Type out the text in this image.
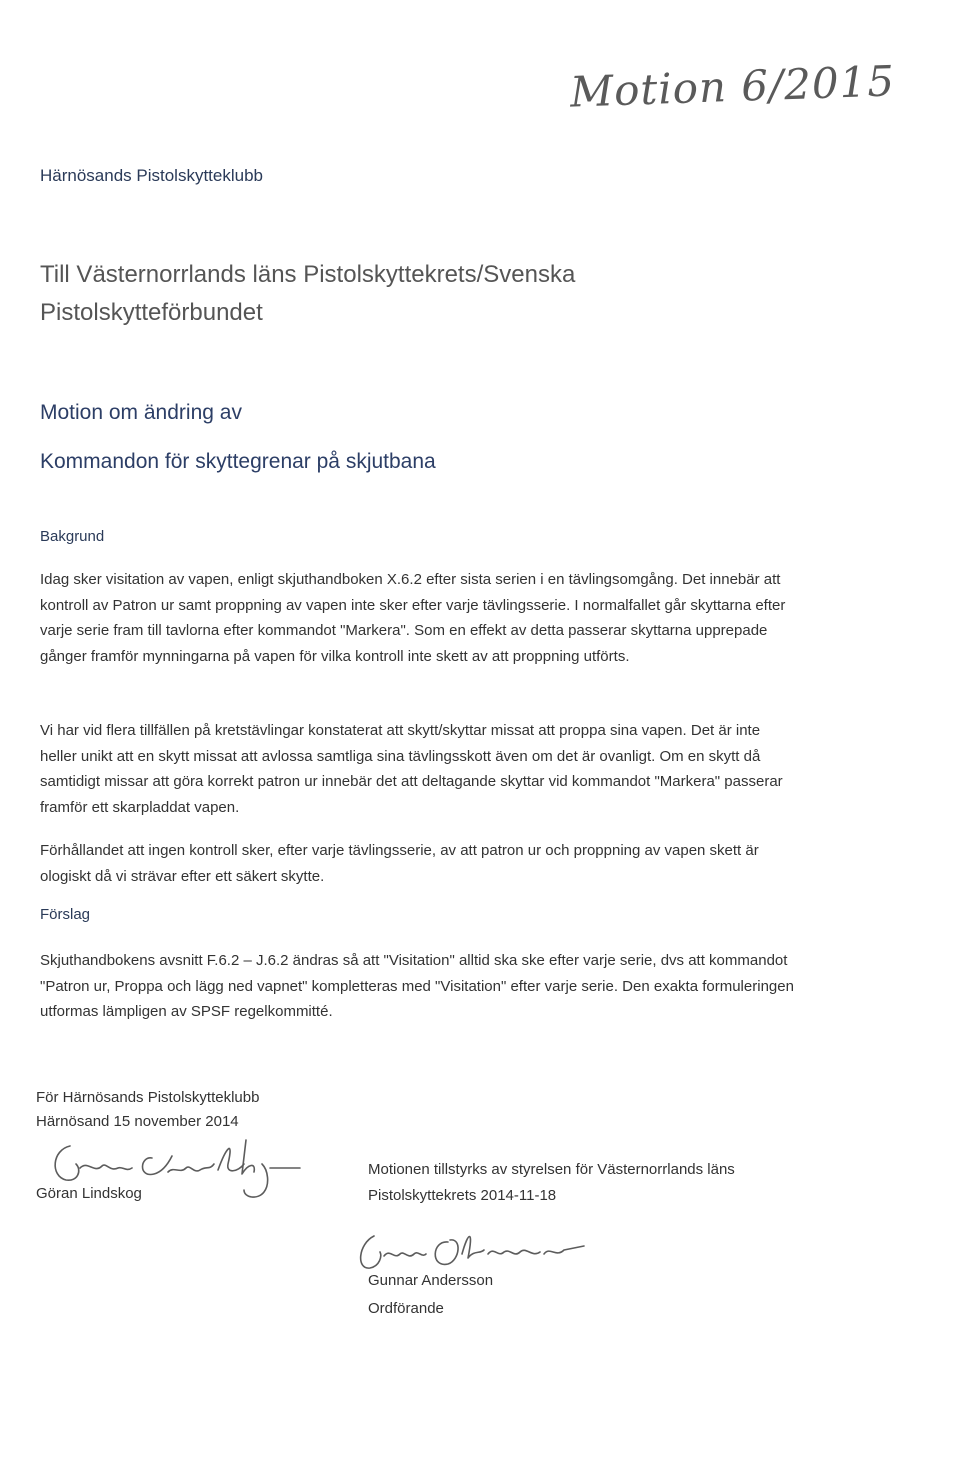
Motion 6/2015
Härnösands Pistolskytteklubb
Till Västernorrlands läns Pistolskyttekrets/Svenska
Pistolskytteförbundet
Motion om ändring av
Kommandon för skyttegrenar på skjutbana
Bakgrund
Idag sker visitation av vapen, enligt skjuthandboken X.6.2 efter sista serien i en tävlingsomgång. Det innebär att kontroll av Patron ur samt proppning av vapen inte sker efter varje tävlingsserie. I normalfallet går skyttarna efter varje serie fram till tavlorna efter kommandot "Markera". Som en effekt av detta passerar skyttarna upprepade gånger framför mynningarna på vapen för vilka kontroll inte skett av att proppning utförts.
Vi har vid flera tillfällen på kretstävlingar konstaterat att skytt/skyttar missat att proppa sina vapen. Det är inte heller unikt att en skytt missat att avlossa samtliga sina tävlingsskott även om det är ovanligt. Om en skytt då samtidigt missar att göra korrekt patron ur innebär det att deltagande skyttar vid kommandot "Markera" passerar framför ett skarpladdat vapen.
Förhållandet att ingen kontroll sker, efter varje tävlingsserie, av att patron ur och proppning av vapen skett är ologiskt då vi strävar efter ett säkert skytte.
Förslag
Skjuthandbokens avsnitt F.6.2 – J.6.2 ändras så att "Visitation" alltid ska ske efter varje serie, dvs att kommandot "Patron ur, Proppa och lägg ned vapnet" kompletteras med "Visitation" efter varje serie. Den exakta formuleringen utformas lämpligen av SPSF regelkommitté.
För Härnösands Pistolskytteklubb
Härnösand 15 november 2014
Göran Lindskog
Motionen tillstyrks av styrelsen för Västernorrlands läns
Pistolskyttekrets 2014-11-18
Gunnar Andersson
Ordförande
